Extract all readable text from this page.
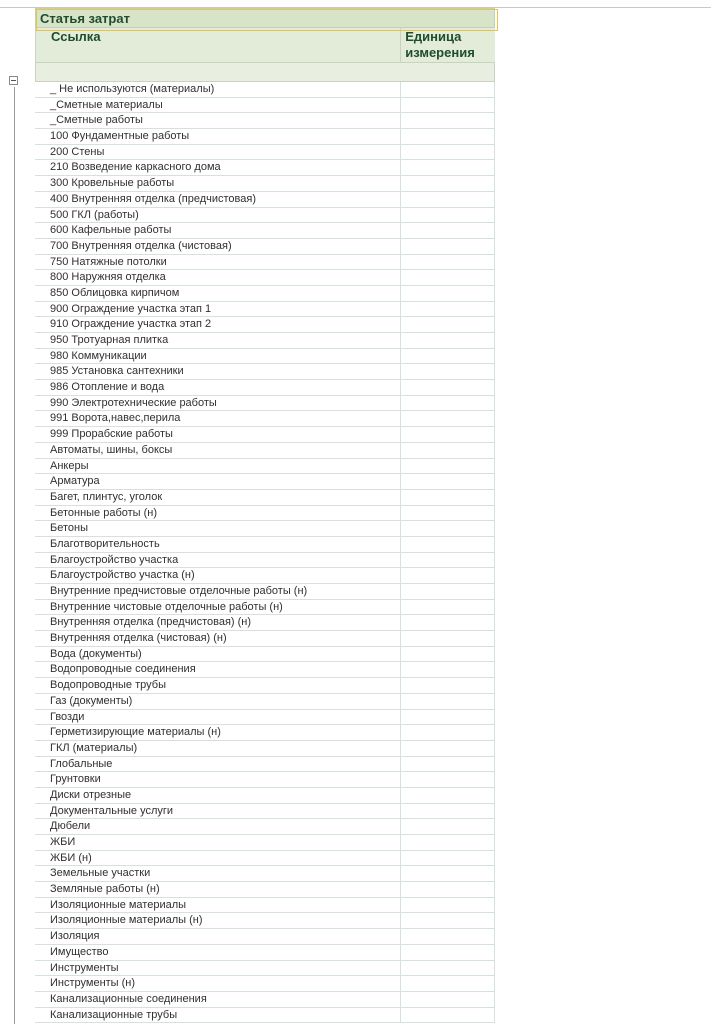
Статья затрат
Ссылка	Единица
измерения
_ Не используются (материалы)
_Сметные материалы
_Сметные работы
100 Фундаментные работы
200 Стены
210 Возведение каркасного дома
300 Кровельные работы
400 Внутренняя отделка (предчистовая)
500 ГКЛ (работы)
600 Кафельные работы
700 Внутренняя отделка (чистовая)
750 Натяжные потолки
800 Наружняя отделка
850 Облицовка кирпичом
900 Ограждение участка этап 1
910 Ограждение участка этап 2
950 Тротуарная плитка
980 Коммуникации
985 Установка сантехники
986 Отопление и вода
990 Электротехнические работы
991 Ворота,навес,перила
999 Прорабские работы
Автоматы, шины, боксы
Анкеры
Арматура
Багет, плинтус, уголок
Бетонные работы (н)
Бетоны
Благотворительность
Благоустройство участка
Благоустройство участка (н)
Внутренние предчистовые отделочные работы (н)
Внутренние чистовые отделочные работы (н)
Внутренняя отделка (предчистовая) (н)
Внутренняя отделка (чистовая) (н)
Вода (документы)
Водопроводные соединения
Водопроводные трубы
Газ (документы)
Гвозди
Герметизирующие материалы (н)
ГКЛ (материалы)
Глобальные
Грунтовки
Диски отрезные
Документальные услуги
Дюбели
ЖБИ
ЖБИ (н)
Земельные участки
Земляные работы (н)
Изоляционные материалы
Изоляционные материалы (н)
Изоляция
Имущество
Инструменты
Инструменты (н)
Канализационные соединения
Канализационные трубы
